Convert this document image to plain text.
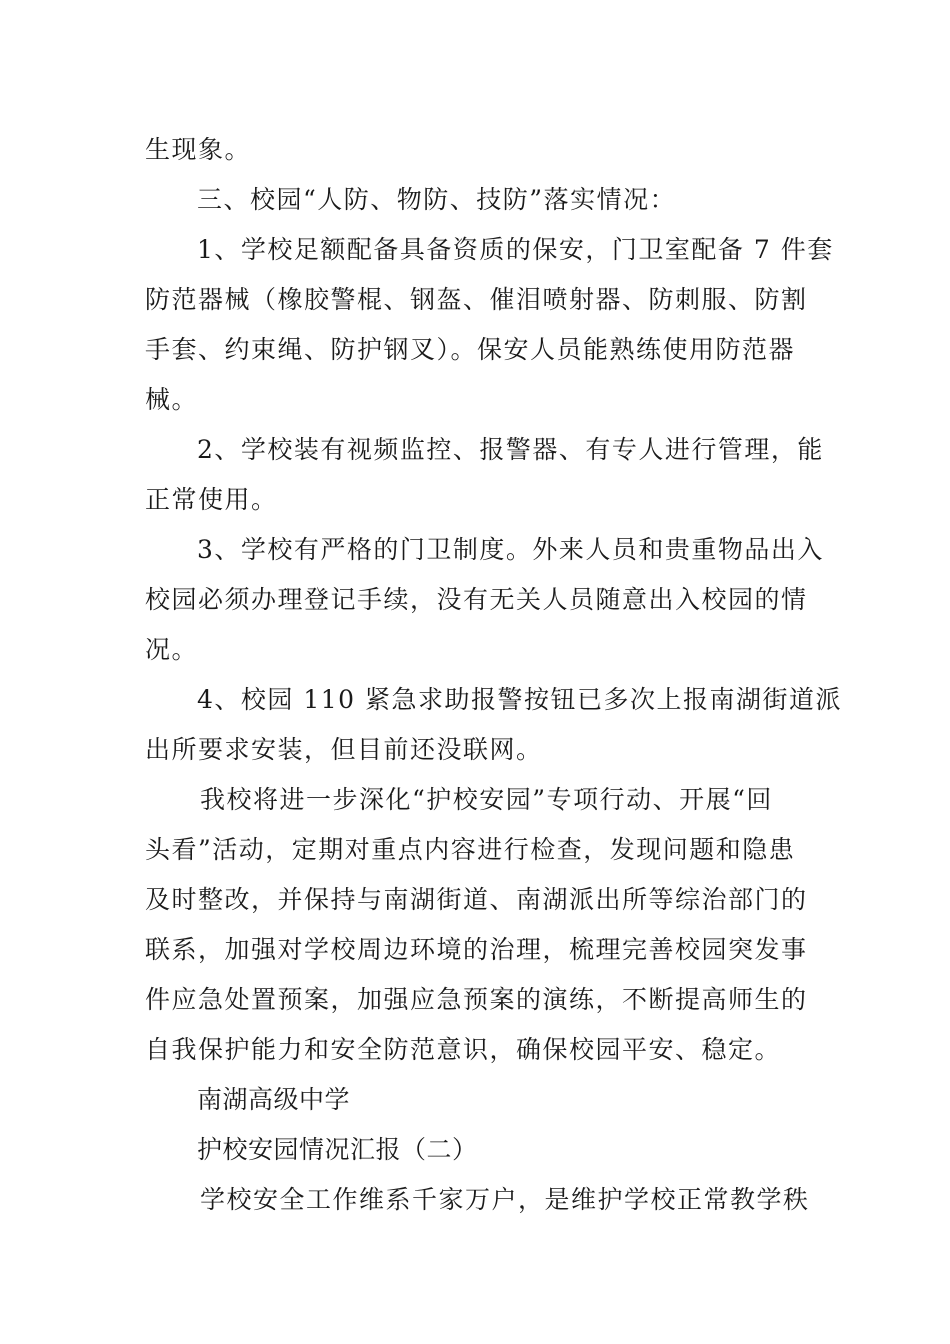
生现象。
三、校园“人防、物防、技防”落实情况：
1、学校足额配备具备资质的保安，门卫室配备 7 件套
防范器械（橡胶警棍、钢盔、催泪喷射器、防刺服、防割
手套、约束绳、防护钢叉）。保安人员能熟练使用防范器
械。
2、学校装有视频监控、报警器、有专人进行管理，能
正常使用。
3、学校有严格的门卫制度。外来人员和贵重物品出入
校园必须办理登记手续，没有无关人员随意出入校园的情
况。
4、校园 110 紧急求助报警按钮已多次上报南湖街道派
出所要求安装，但目前还没联网。
我校将进一步深化“护校安园”专项行动、开展“回
头看”活动，定期对重点内容进行检查，发现问题和隐患
及时整改，并保持与南湖街道、南湖派出所等综治部门的
联系，加强对学校周边环境的治理，梳理完善校园突发事
件应急处置预案，加强应急预案的演练，不断提高师生的
自我保护能力和安全防范意识，确保校园平安、稳定。
南湖高级中学
护校安园情况汇报（二）
学校安全工作维系千家万户，是维护学校正常教学秩
